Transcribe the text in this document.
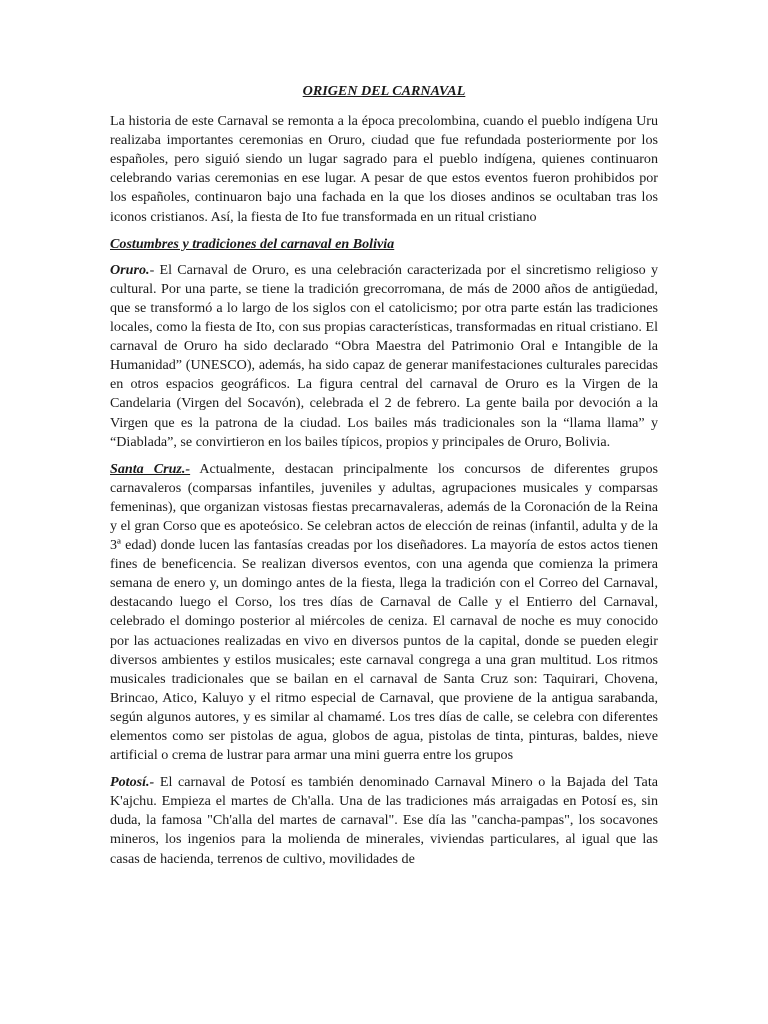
ORIGEN DEL CARNAVAL

La historia de este Carnaval se remonta a la época precolombina, cuando el pueblo indígena Uru realizaba importantes ceremonias en Oruro, ciudad que fue refundada posteriormente por los españoles, pero siguió siendo un lugar sagrado para el pueblo indígena, quienes continuaron celebrando varias ceremonias en ese lugar. A pesar de que estos eventos fueron prohibidos por los españoles, continuaron bajo una fachada en la que los dioses andinos se ocultaban tras los iconos cristianos. Así, la fiesta de Ito fue transformada en un ritual cristiano

Costumbres y tradiciones del carnaval en Bolivia

Oruro.- El Carnaval de Oruro, es una celebración caracterizada por el sincretismo religioso y cultural. Por una parte, se tiene la tradición grecorromana, de más de 2000 años de antigüedad, que se transformó a lo largo de los siglos con el catolicismo; por otra parte están las tradiciones locales, como la fiesta de Ito, con sus propias características, transformadas en ritual cristiano. El carnaval de Oruro ha sido declarado “Obra Maestra del Patrimonio Oral e Intangible de la Humanidad” (UNESCO), además, ha sido capaz de generar manifestaciones culturales parecidas en otros espacios geográficos. La figura central del carnaval de Oruro es la Virgen de la Candelaria (Virgen del Socavón), celebrada el 2 de febrero. La gente baila por devoción a la Virgen que es la patrona de la ciudad. Los bailes más tradicionales son la “llama llama” y “Diablada”, se convirtieron en los bailes típicos, propios y principales de Oruro, Bolivia.

Santa Cruz.- Actualmente, destacan principalmente los concursos de diferentes grupos carnavaleros (comparsas infantiles, juveniles y adultas, agrupaciones musicales y comparsas femeninas), que organizan vistosas fiestas precarnavaleras, además de la Coronación de la Reina y el gran Corso que es apoteósico. Se celebran actos de elección de reinas (infantil, adulta y de la 3ª edad) donde lucen las fantasías creadas por los diseñadores. La mayoría de estos actos tienen fines de beneficencia. Se realizan diversos eventos, con una agenda que comienza la primera semana de enero y, un domingo antes de la fiesta, llega la tradición con el Correo del Carnaval, destacando luego el Corso, los tres días de Carnaval de Calle y el Entierro del Carnaval, celebrado el domingo posterior al miércoles de ceniza. El carnaval de noche es muy conocido por las actuaciones realizadas en vivo en diversos puntos de la capital, donde se pueden elegir diversos ambientes y estilos musicales; este carnaval congrega a una gran multitud. Los ritmos musicales tradicionales que se bailan en el carnaval de Santa Cruz son: Taquirari, Chovena, Brincao, Atico, Kaluyo y el ritmo especial de Carnaval, que proviene de la antigua sarabanda, según algunos autores, y es similar al chamamé. Los tres días de calle, se celebra con diferentes elementos como ser pistolas de agua, globos de agua, pistolas de tinta, pinturas, baldes, nieve artificial o crema de lustrar para armar una mini guerra entre los grupos

Potosí.- El carnaval de Potosí es también denominado Carnaval Minero o la Bajada del Tata K'ajchu. Empieza el martes de Ch'alla. Una de las tradiciones más arraigadas en Potosí es, sin duda, la famosa "Ch'alla del martes de carnaval". Ese día las "cancha-pampas", los socavones mineros, los ingenios para la molienda de minerales, viviendas particulares, al igual que las casas de hacienda, terrenos de cultivo, movilidades de
